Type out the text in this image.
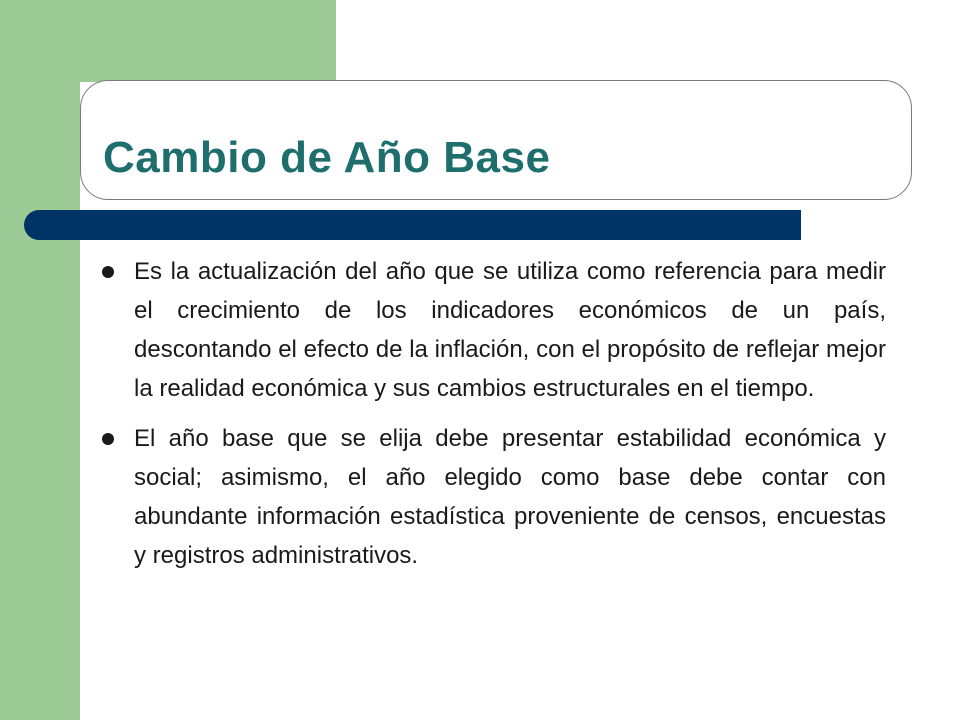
Cambio de Año Base
Es la actualización del año que se utiliza como referencia para medir el crecimiento de los indicadores económicos de un país, descontando el efecto de la inflación, con el propósito de reflejar mejor la realidad económica y sus cambios estructurales en el tiempo.
El año base que se elija debe presentar estabilidad económica y social; asimismo, el año elegido como base debe contar con abundante información estadística proveniente de censos, encuestas y registros administrativos.
